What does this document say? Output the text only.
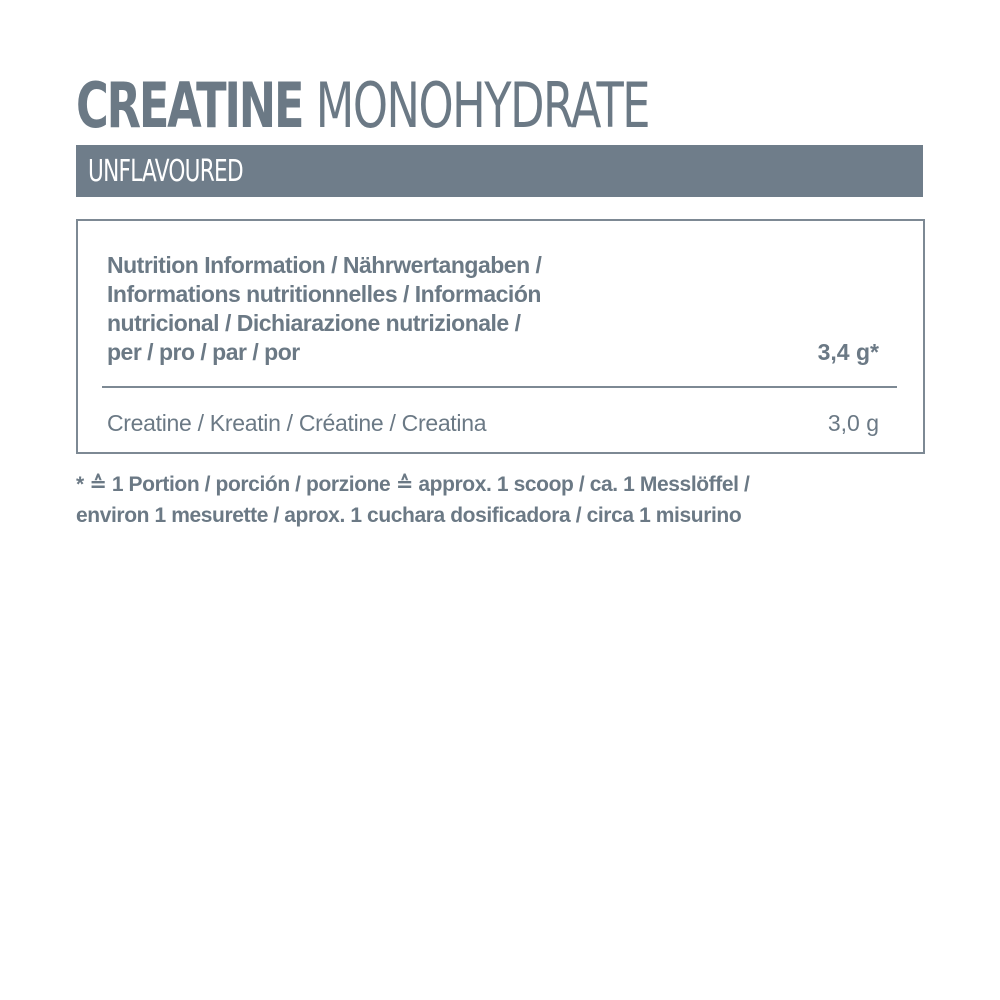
CREATINE MONOHYDRATE
UNFLAVOURED
Nutrition Information / Nährwertangaben /
Informations nutritionnelles / Información
nutricional / Dichiarazione nutrizionale /
per / pro / par / por	3,4 g*
Creatine / Kreatin / Créatine / Creatina	3,0 g
* ≙ 1 Portion / porción / porzione ≙ approx. 1 scoop / ca. 1 Messlöffel /
environ 1 mesurette / aprox. 1 cuchara dosificadora / circa 1 misurino
